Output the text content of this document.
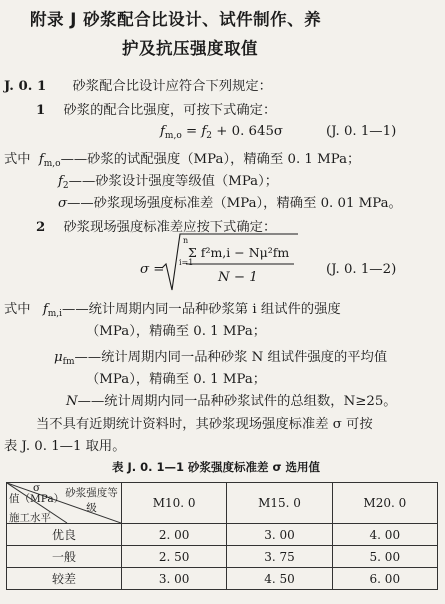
附录 J 砂浆配合比设计、试件制作、养
护及抗压强度取值
J. 0. 1 砂浆配合比设计应符合下列规定：
1 砂浆的配合比强度，可按下式确定：
$f_{m,o} = f_2 + 0$. 645σ	(J. 0. 1—1)
式中 $f_{m,o}——$砂浆的试配强度（MPa），精确至 0. 1 MPa；
$f_2——$砂浆设计强度等级值（MPa）；
σ——砂浆现场强度标准差（MPa），精确至 0. 01 MPa。
2 砂浆现场强度标准差应按下式确定：
σ =
n
i=1
Σ f²m,i − Nμ²fm
N − 1
(J. 0. 1—2)
式中 $f_{m,i}——$统计周期内同一品种砂浆第 i 组试件的强度
（MPa），精确至 0. 1 MPa；
$\mu_{fm}——$统计周期内同一品种砂浆 N 组试件强度的平均值
（MPa），精确至 0. 1 MPa；
N——统计周期内同一品种砂浆试件的总组数，N≥25。
当不具有近期统计资料时，其砂浆现场强度标准差 σ 可按
表 J. 0. 1—1 取用。
表 J. 0. 1—1 砂浆强度标准差 σ 选用值
砂浆强度等级
σ
值（MPa）
施工水平	M10. 0	M15. 0	M20. 0
优良	2. 00	3. 00	4. 00
一般	2. 50	3. 75	5. 00
较差	3. 00	4. 50	6. 00
